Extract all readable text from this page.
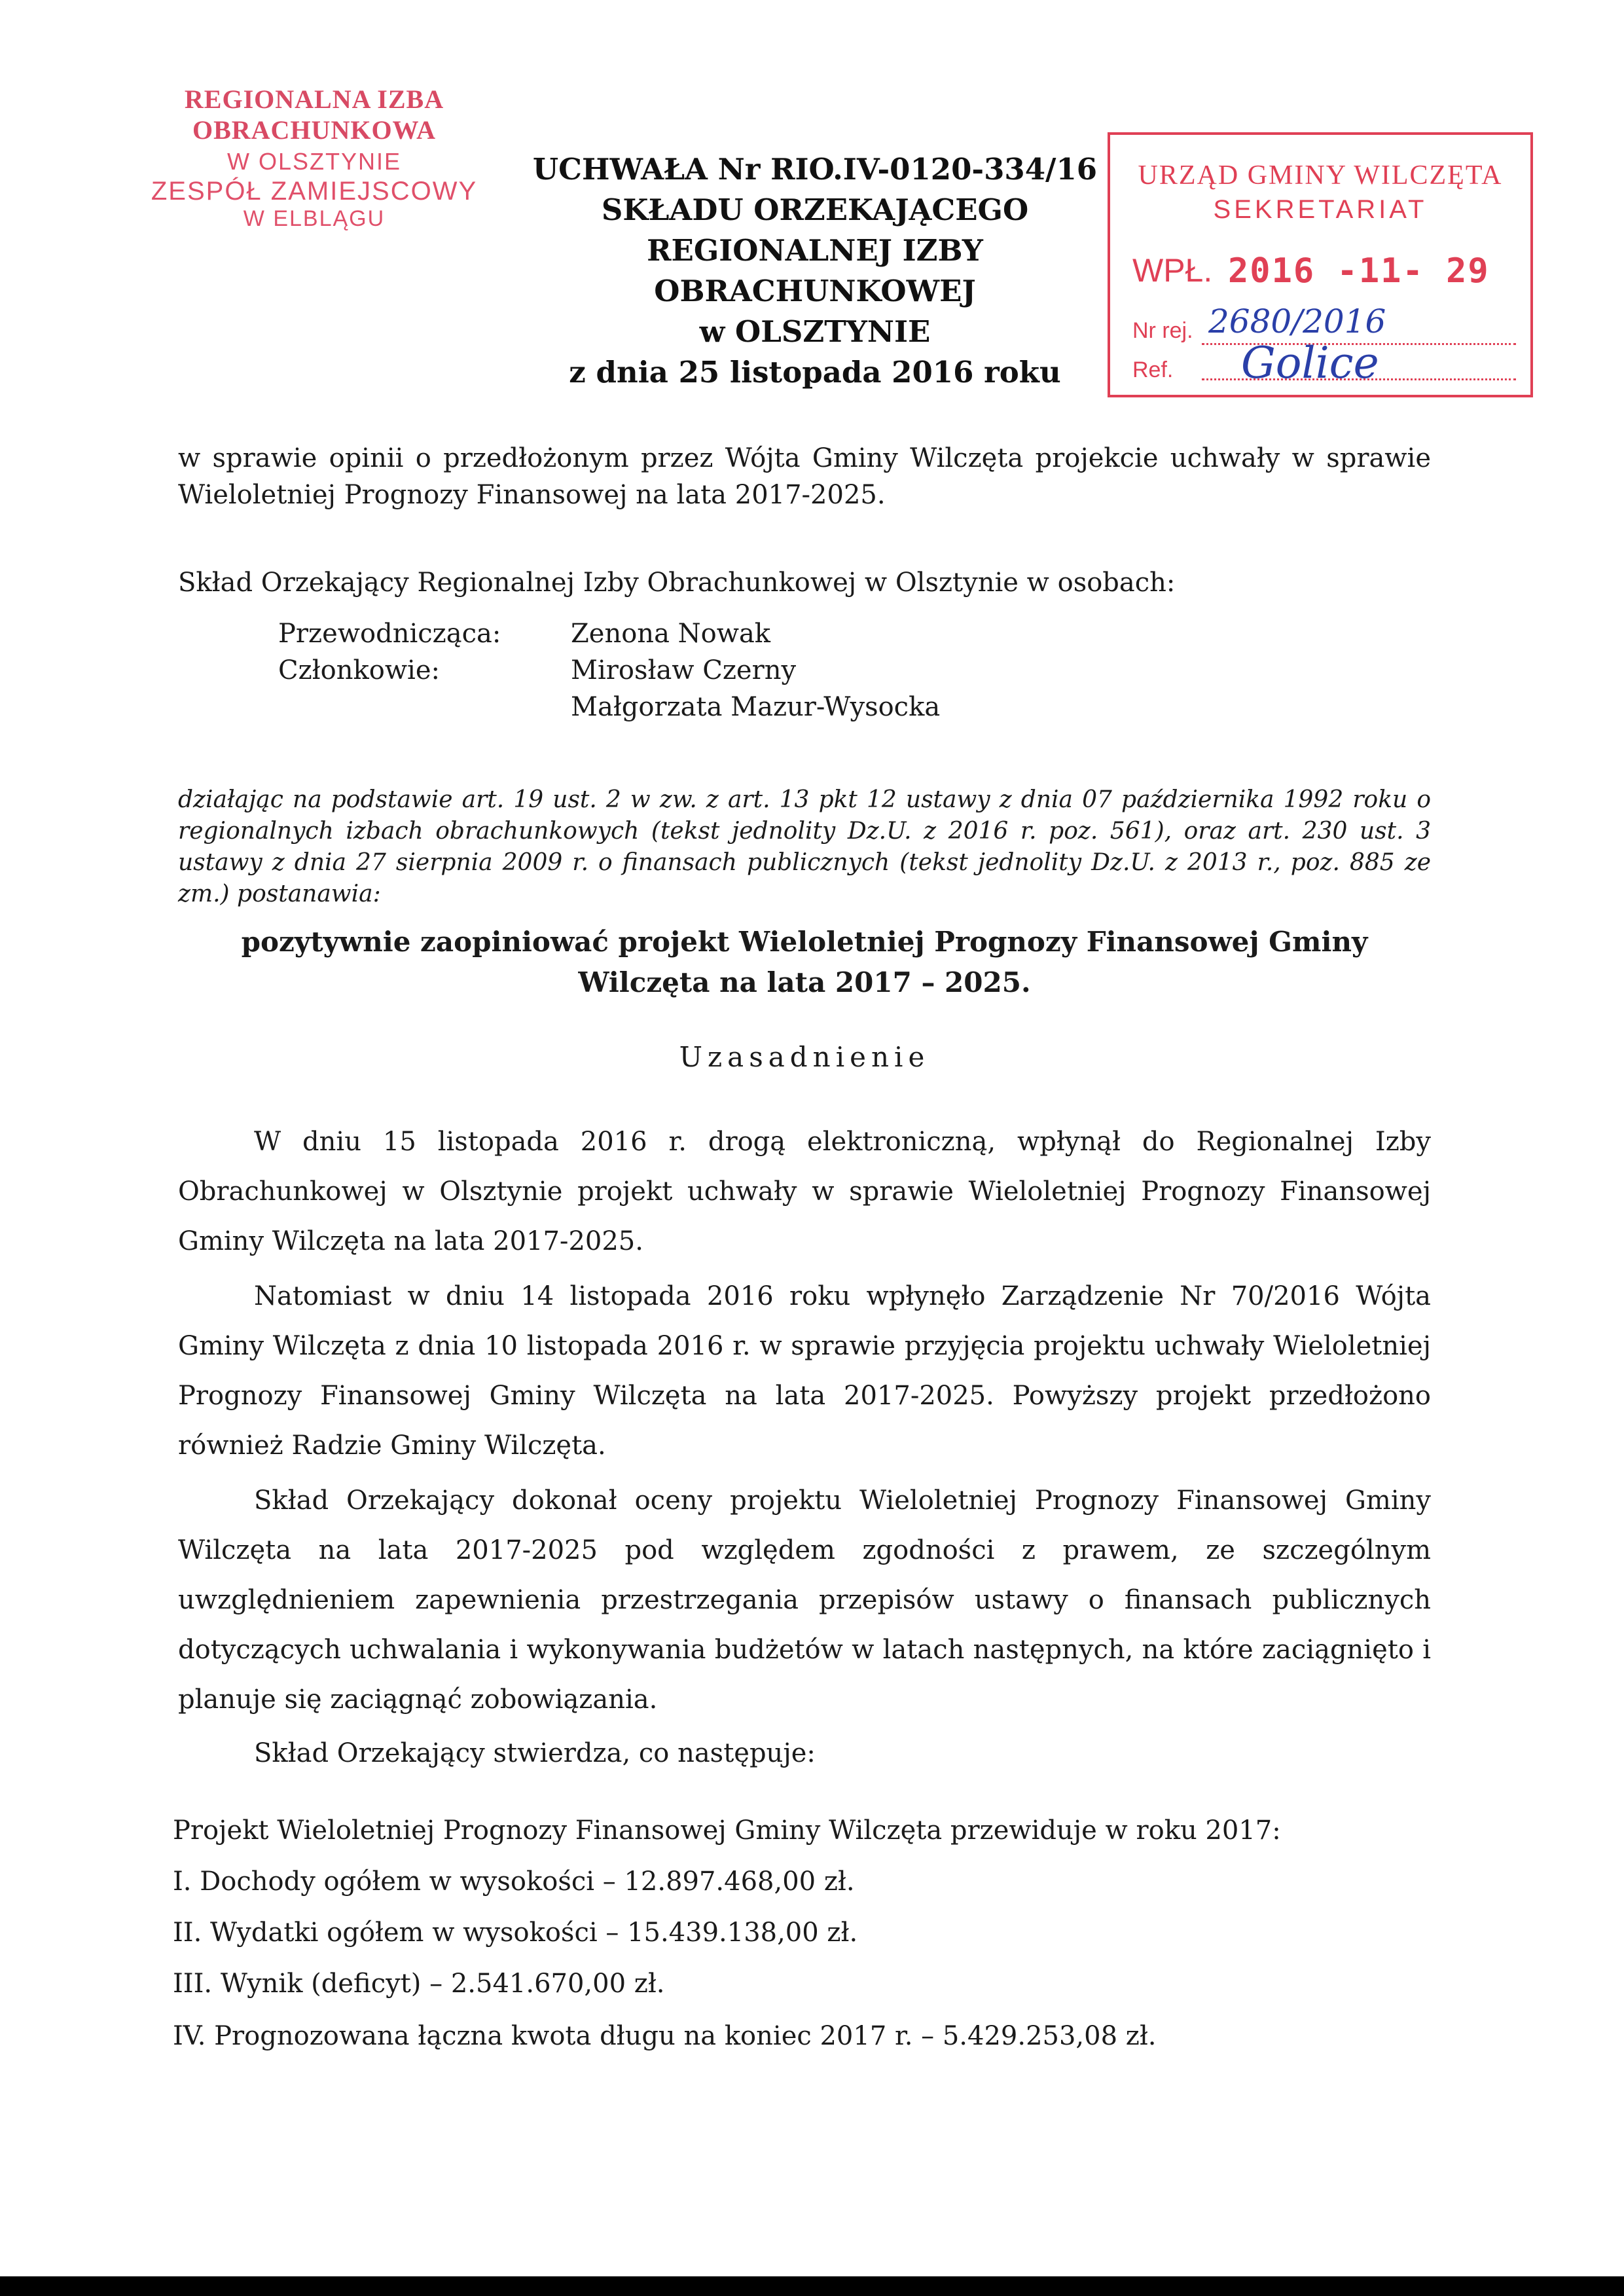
REGIONALNA IZBA OBRACHUNKOWA
W OLSZTYNIE
ZESPÓŁ ZAMIEJSCOWY
W ELBLĄGU
UCHWAŁA Nr RIO.IV-0120-334/16
SKŁADU ORZEKAJĄCEGO
REGIONALNEJ IZBY OBRACHUNKOWEJ
w OLSZTYNIE
z dnia 25 listopada 2016 roku
URZĄD GMINY WILCZĘTA
SEKRETARIAT
WPŁ. 2016 -11- 29
Nr rej. 2680/2016
Ref. Golice
w sprawie opinii o przedłożonym przez Wójta Gminy Wilczęta projekcie uchwały w sprawie Wieloletniej Prognozy Finansowej na lata 2017-2025.
Skład Orzekający Regionalnej Izby Obrachunkowej w Olsztynie w osobach:
Przewodnicząca:	Zenona Nowak
Członkowie:	Mirosław Czerny
Małgorzata Mazur-Wysocka
działając na podstawie art. 19 ust. 2 w zw. z art. 13 pkt 12 ustawy z dnia 07 października 1992 roku o regionalnych izbach obrachunkowych (tekst jednolity Dz.U. z 2016 r. poz. 561), oraz art. 230 ust. 3 ustawy z dnia 27 sierpnia 2009 r. o finansach publicznych (tekst jednolity Dz.U. z 2013 r., poz. 885 ze zm.) postanawia:
pozytywnie zaopiniować projekt Wieloletniej Prognozy Finansowej Gminy Wilczęta na lata 2017 – 2025.
Uzasadnienie
W dniu 15 listopada 2016 r. drogą elektroniczną, wpłynął do Regionalnej Izby Obrachunkowej w Olsztynie projekt uchwały w sprawie Wieloletniej Prognozy Finansowej Gminy Wilczęta na lata 2017-2025.
Natomiast w dniu 14 listopada 2016 roku wpłynęło Zarządzenie Nr 70/2016 Wójta Gminy Wilczęta z dnia 10 listopada 2016 r. w sprawie przyjęcia projektu uchwały Wieloletniej Prognozy Finansowej Gminy Wilczęta na lata 2017-2025. Powyższy projekt przedłożono również Radzie Gminy Wilczęta.
Skład Orzekający dokonał oceny projektu Wieloletniej Prognozy Finansowej Gminy Wilczęta na lata 2017-2025 pod względem zgodności z prawem, ze szczególnym uwzględnieniem zapewnienia przestrzegania przepisów ustawy o finansach publicznych dotyczących uchwalania i wykonywania budżetów w latach następnych, na które zaciągnięto i planuje się zaciągnąć zobowiązania.
Skład Orzekający stwierdza, co następuje:
Projekt Wieloletniej Prognozy Finansowej Gminy Wilczęta przewiduje w roku 2017:
I. Dochody ogółem w wysokości – 12.897.468,00 zł.
II. Wydatki ogółem w wysokości – 15.439.138,00 zł.
III. Wynik (deficyt) – 2.541.670,00 zł.
IV. Prognozowana łączna kwota długu na koniec 2017 r. – 5.429.253,08 zł.
